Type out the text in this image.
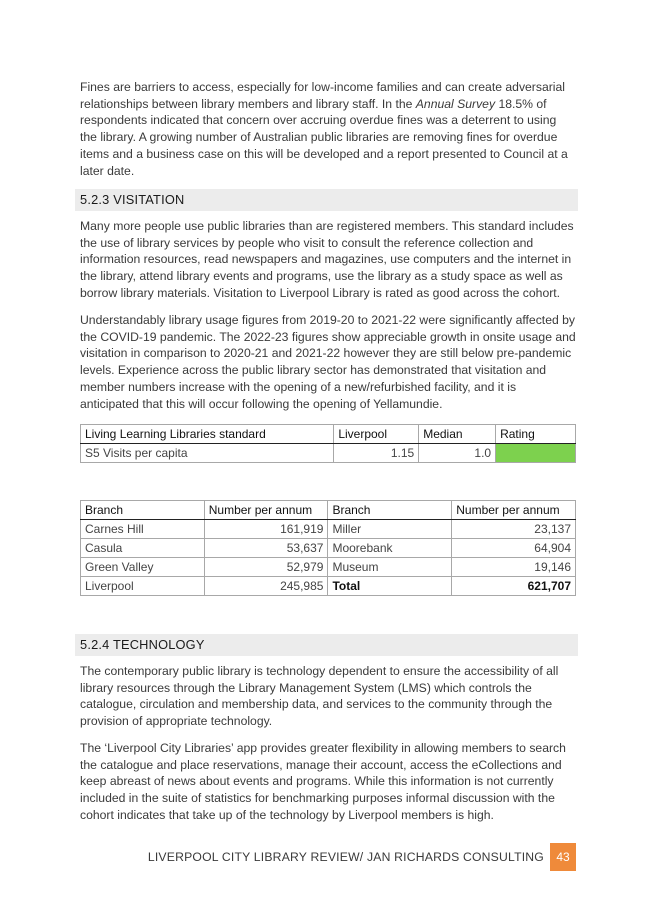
Fines are barriers to access, especially for low-income families and can create adversarial relationships between library members and library staff. In the Annual Survey 18.5% of respondents indicated that concern over accruing overdue fines was a deterrent to using the library. A growing number of Australian public libraries are removing fines for overdue items and a business case on this will be developed and a report presented to Council at a later date.

5.2.3 VISITATION

Many more people use public libraries than are registered members. This standard includes the use of library services by people who visit to consult the reference collection and information resources, read newspapers and magazines, use computers and the internet in the library, attend library events and programs, use the library as a study space as well as borrow library materials. Visitation to Liverpool Library is rated as good across the cohort.

Understandably library usage figures from 2019-20 to 2021-22 were significantly affected by the COVID-19 pandemic. The 2022-23 figures show appreciable growth in onsite usage and visitation in comparison to 2020-21 and 2021-22 however they are still below pre-pandemic levels. Experience across the public library sector has demonstrated that visitation and member numbers increase with the opening of a new/refurbished facility, and it is anticipated that this will occur following the opening of Yellamundie.

Living Learning Libraries standard	Liverpool	Median	Rating
S5 Visits per capita	1.15	1.0	
Branch	Number per annum	Branch	Number per annum
Carnes Hill	161,919	Miller	23,137
Casula	53,637	Moorebank	64,904
Green Valley	52,979	Museum	19,146
Liverpool	245,985	Total	621,707
5.2.4 TECHNOLOGY

The contemporary public library is technology dependent to ensure the accessibility of all library resources through the Library Management System (LMS) which controls the catalogue, circulation and membership data, and services to the community through the provision of appropriate technology.

The ‘Liverpool City Libraries’ app provides greater flexibility in allowing members to search the catalogue and place reservations, manage their account, access the eCollections and keep abreast of news about events and programs. While this information is not currently included in the suite of statistics for benchmarking purposes informal discussion with the cohort indicates that take up of the technology by Liverpool members is high.

LIVERPOOL CITY LIBRARY REVIEW/ JAN RICHARDS CONSULTING	43
